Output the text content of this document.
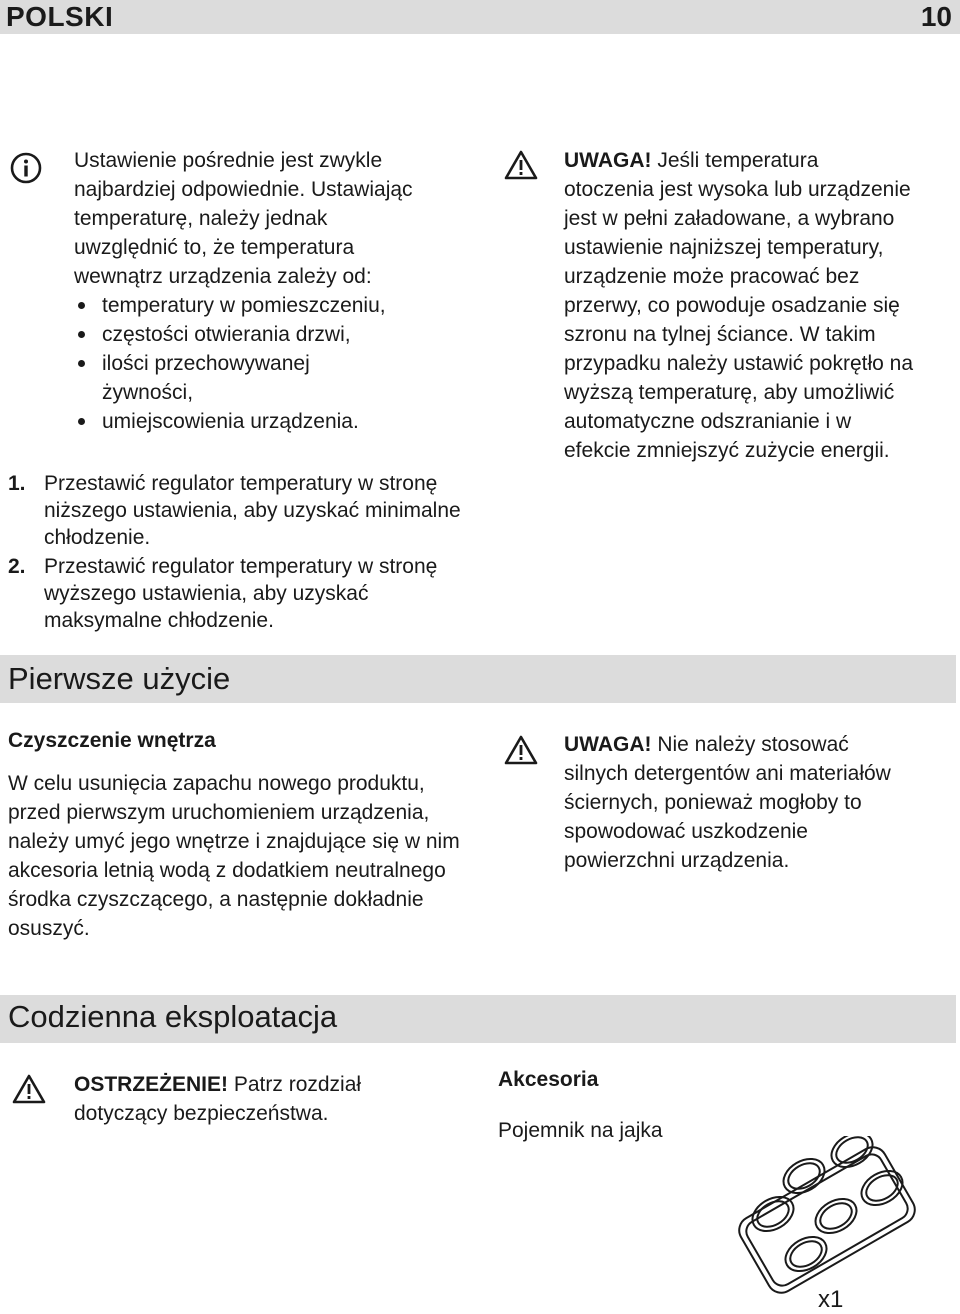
POLSKI	10
Ustawienie pośrednie jest zwykle najbardziej odpowiednie. Ustawiając temperaturę, należy jednak uwzględnić to, że temperatura wewnątrz urządzenia zależy od:
temperatury w pomieszczeniu,
częstości otwierania drzwi,
ilości przechowywanej żywności,
umiejscowienia urządzenia.
1. Przestawić regulator temperatury w stronę niższego ustawienia, aby uzyskać minimalne chłodzenie.
2. Przestawić regulator temperatury w stronę wyższego ustawienia, aby uzyskać maksymalne chłodzenie.
UWAGA! Jeśli temperatura otoczenia jest wysoka lub urządzenie jest w pełni załadowane, a wybrano ustawienie najniższej temperatury, urządzenie może pracować bez przerwy, co powoduje osadzanie się szronu na tylnej ściance. W takim przypadku należy ustawić pokrętło na wyższą temperaturę, aby umożliwić automatyczne odszranianie i w efekcie zmniejszyć zużycie energii.
Pierwsze użycie
Czyszczenie wnętrza
W celu usunięcia zapachu nowego produktu, przed pierwszym uruchomieniem urządzenia, należy umyć jego wnętrze i znajdujące się w nim akcesoria letnią wodą z dodatkiem neutralnego środka czyszczącego, a następnie dokładnie osuszyć.
UWAGA! Nie należy stosować silnych detergentów ani materiałów ściernych, ponieważ mogłoby to spowodować uszkodzenie powierzchni urządzenia.
Codzienna eksploatacja
OSTRZEŻENIE! Patrz rozdział dotyczący bezpieczeństwa.
Akcesoria
Pojemnik na jajka
x1
